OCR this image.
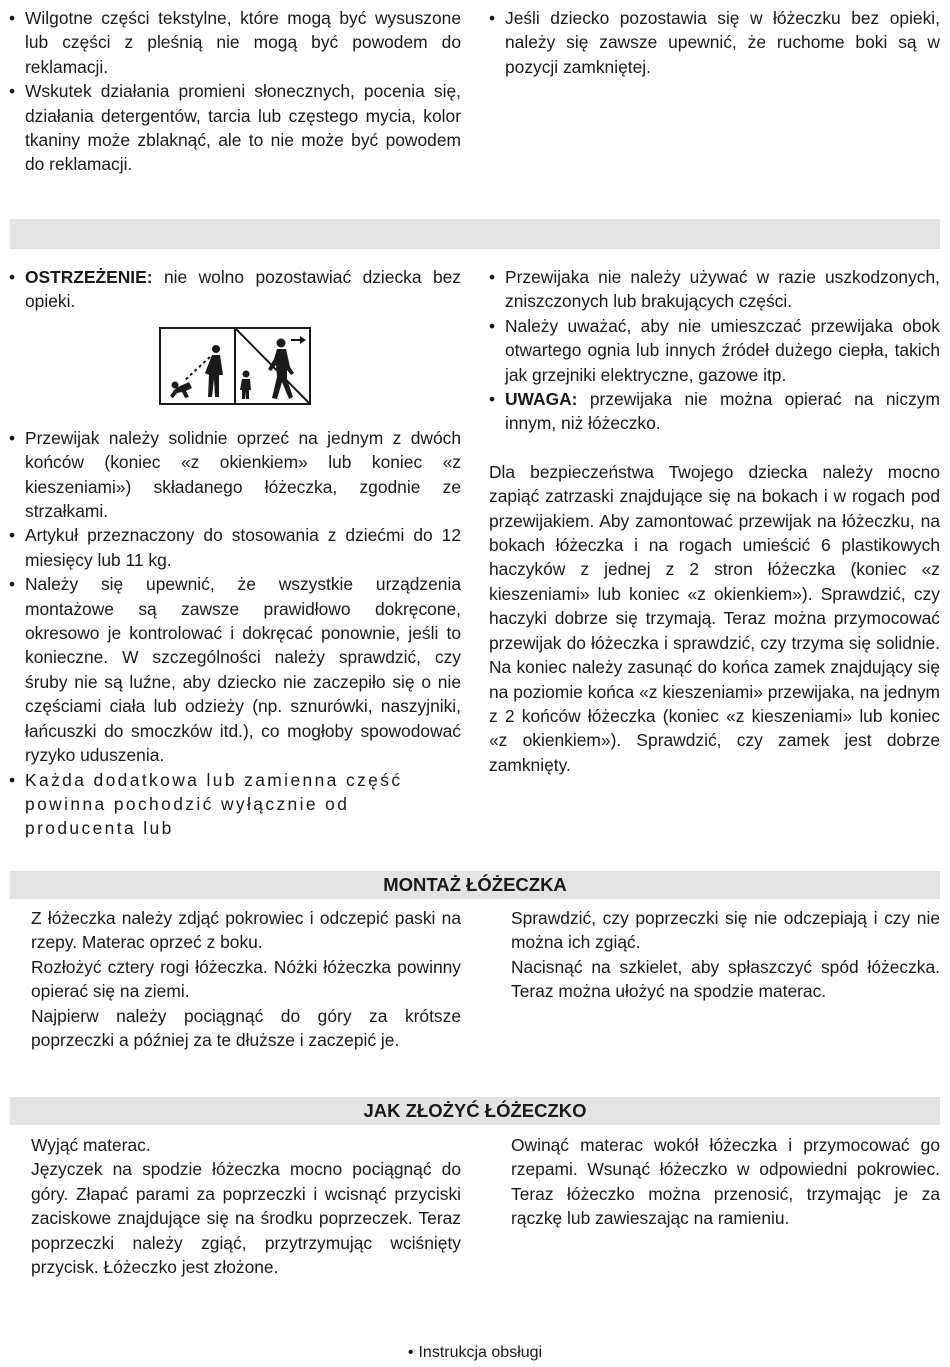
• Wilgotne części tekstylne, które mogą być wysuszone lub części z pleśnią nie mogą być powodem do reklamacji.
• Wskutek działania promieni słonecznych, pocenia się, działania detergentów, tarcia lub częstego mycia, kolor tkaniny może zblaknąć, ale to nie może być powodem do reklamacji.
• Jeśli dziecko pozostawia się w łóżeczku bez opieki, należy się zawsze upewnić, że ruchome boki są w pozycji zamkniętej.
• OSTRZEŻENIE: nie wolno pozostawiać dziecka bez opieki.
• Przewijak należy solidnie oprzeć na jednym z dwóch końców (koniec «z okienkiem» lub koniec «z kieszeniami») składanego łóżeczka, zgodnie ze strzałkami.
• Artykuł przeznaczony do stosowania z dziećmi do 12 miesięcy lub 11 kg.
• Należy się upewnić, że wszystkie urządzenia montażowe są zawsze prawidłowo dokręcone, okresowo je kontrolować i dokręcać ponownie, jeśli to konieczne. W szczególności należy sprawdzić, czy śruby nie są luźne, aby dziecko nie zaczepiło się o nie częściami ciała lub odzieży (np. sznurówki, naszyjniki, łańcuszki do smoczków itd.), co mogłoby spowodować ryzyko uduszenia.
• Każda dodatkowa lub zamienna część powinna pochodzić wyłącznie od producenta lub
• Przewijaka nie należy używać w razie uszkodzonych, zniszczonych lub brakujących części.
• Należy uważać, aby nie umieszczać przewijaka obok otwartego ognia lub innych źródeł dużego ciepła, takich jak grzejniki elektryczne, gazowe itp.
• UWAGA: przewijaka nie można opierać na niczym innym, niż łóżeczko.

Dla bezpieczeństwa Twojego dziecka należy mocno zapiąć zatrzaski znajdujące się na bokach i w rogach pod przewijakiem. Aby zamontować przewijak na łóżeczku, na bokach łóżeczka i na rogach umieścić 6 plastikowych haczyków z jednej z 2 stron łóżeczka (koniec «z kieszeniami» lub koniec «z okienkiem»). Sprawdzić, czy haczyki dobrze się trzymają. Teraz można przymocować przewijak do łóżeczka i sprawdzić, czy trzyma się solidnie. Na koniec należy zasunąć do końca zamek znajdujący się na poziomie końca «z kieszeniami» przewijaka, na jednym z 2 końców łóżeczka (koniec «z kieszeniami» lub koniec «z okienkiem»). Sprawdzić, czy zamek jest dobrze zamknięty.

MONTAŻ ŁÓŻECZKA

Z łóżeczka należy zdjąć pokrowiec i odczepić paski na rzepy. Materac oprzeć z boku.

Rozłożyć cztery rogi łóżeczka. Nóżki łóżeczka powinny opierać się na ziemi.

Najpierw należy pociągnąć do góry za krótsze poprzeczki a później za te dłuższe i zaczepić je.

Sprawdzić, czy poprzeczki się nie odczepiają i czy nie można ich zgiąć.

Nacisnąć na szkielet, aby spłaszczyć spód łóżeczka. Teraz można ułożyć na spodzie materac.

JAK ZŁOŻYĆ ŁÓŻECZKO

Wyjąć materac.

Języczek na spodzie łóżeczka mocno pociągnąć do góry. Złapać parami za poprzeczki i wcisnąć przyciski zaciskowe znajdujące się na środku poprzeczek. Teraz poprzeczki należy zgiąć, przytrzymując wciśnięty przycisk. Łóżeczko jest złożone.

Owinąć materac wokół łóżeczka i przymocować go rzepami. Wsunąć łóżeczko w odpowiedni pokrowiec. Teraz łóżeczko można przenosić, trzymając je za rączkę lub zawieszając na ramieniu.

• Instrukcja obsługi
